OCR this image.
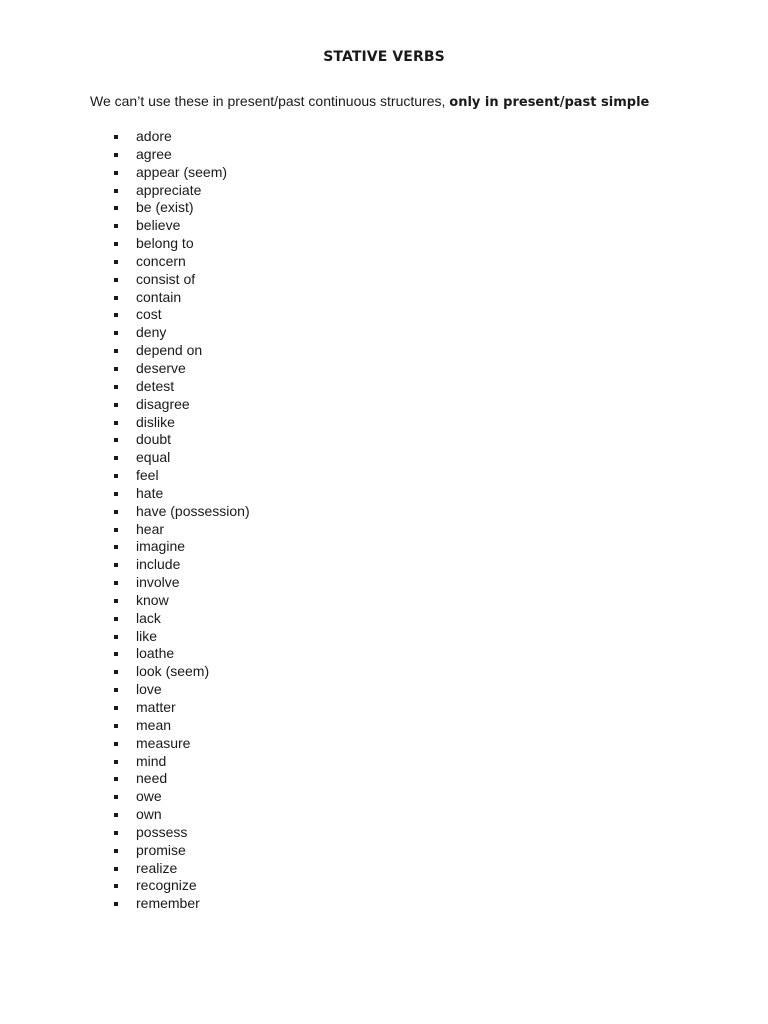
STATIVE VERBS
We can’t use these in present/past continuous structures, only in present/past simple
adore
agree
appear (seem)
appreciate
be (exist)
believe
belong to
concern
consist of
contain
cost
deny
depend on
deserve
detest
disagree
dislike
doubt
equal
feel
hate
have (possession)
hear
imagine
include
involve
know
lack
like
loathe
look (seem)
love
matter
mean
measure
mind
need
owe
own
possess
promise
realize
recognize
remember
